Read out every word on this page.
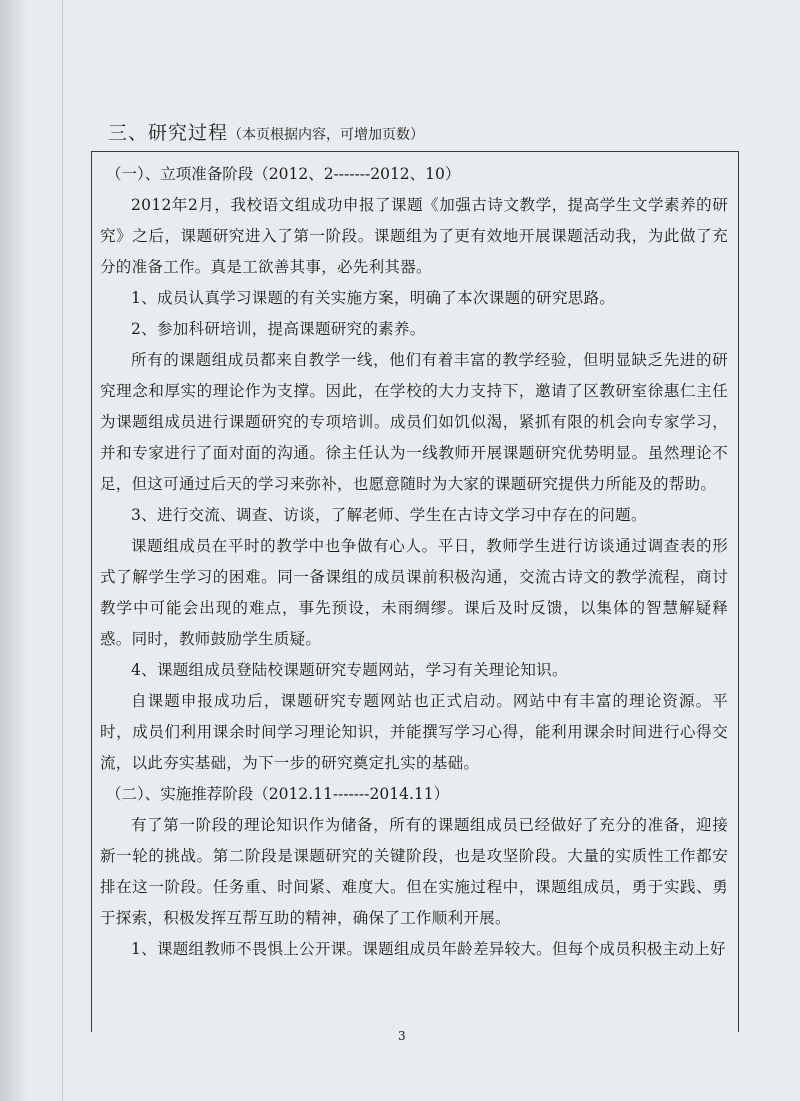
三、研究过程（本页根据内容，可增加页数）

（一）、立项准备阶段（2012、2-------2012、10）

2012年2月，我校语文组成功申报了课题《加强古诗文教学，提高学生文学素养的研究》之后，课题研究进入了第一阶段。课题组为了更有效地开展课题活动我，为此做了充分的准备工作。真是工欲善其事，必先利其器。

1、成员认真学习课题的有关实施方案，明确了本次课题的研究思路。

2、参加科研培训，提高课题研究的素养。

所有的课题组成员都来自教学一线，他们有着丰富的教学经验，但明显缺乏先进的研究理念和厚实的理论作为支撑。因此，在学校的大力支持下，邀请了区教研室徐惠仁主任为课题组成员进行课题研究的专项培训。成员们如饥似渴，紧抓有限的机会向专家学习，并和专家进行了面对面的沟通。徐主任认为一线教师开展课题研究优势明显。虽然理论不足，但这可通过后天的学习来弥补，也愿意随时为大家的课题研究提供力所能及的帮助。

3、进行交流、调查、访谈，了解老师、学生在古诗文学习中存在的问题。

课题组成员在平时的教学中也争做有心人。平日，教师学生进行访谈通过调查表的形式了解学生学习的困难。同一备课组的成员课前积极沟通，交流古诗文的教学流程，商讨教学中可能会出现的难点，事先预设，未雨绸缪。课后及时反馈，以集体的智慧解疑释惑。同时，教师鼓励学生质疑。

4、课题组成员登陆校课题研究专题网站，学习有关理论知识。

自课题申报成功后，课题研究专题网站也正式启动。网站中有丰富的理论资源。平时，成员们利用课余时间学习理论知识，并能撰写学习心得，能利用课余时间进行心得交流，以此夯实基础，为下一步的研究奠定扎实的基础。

（二）、实施推荐阶段（2012.11-------2014.11）

有了第一阶段的理论知识作为储备，所有的课题组成员已经做好了充分的准备，迎接新一轮的挑战。第二阶段是课题研究的关键阶段，也是攻坚阶段。大量的实质性工作都安排在这一阶段。任务重、时间紧、难度大。但在实施过程中，课题组成员，勇于实践、勇于探索，积极发挥互帮互助的精神，确保了工作顺利开展。

1、课题组教师不畏惧上公开课。课题组成员年龄差异较大。但每个成员积极主动上好

3
